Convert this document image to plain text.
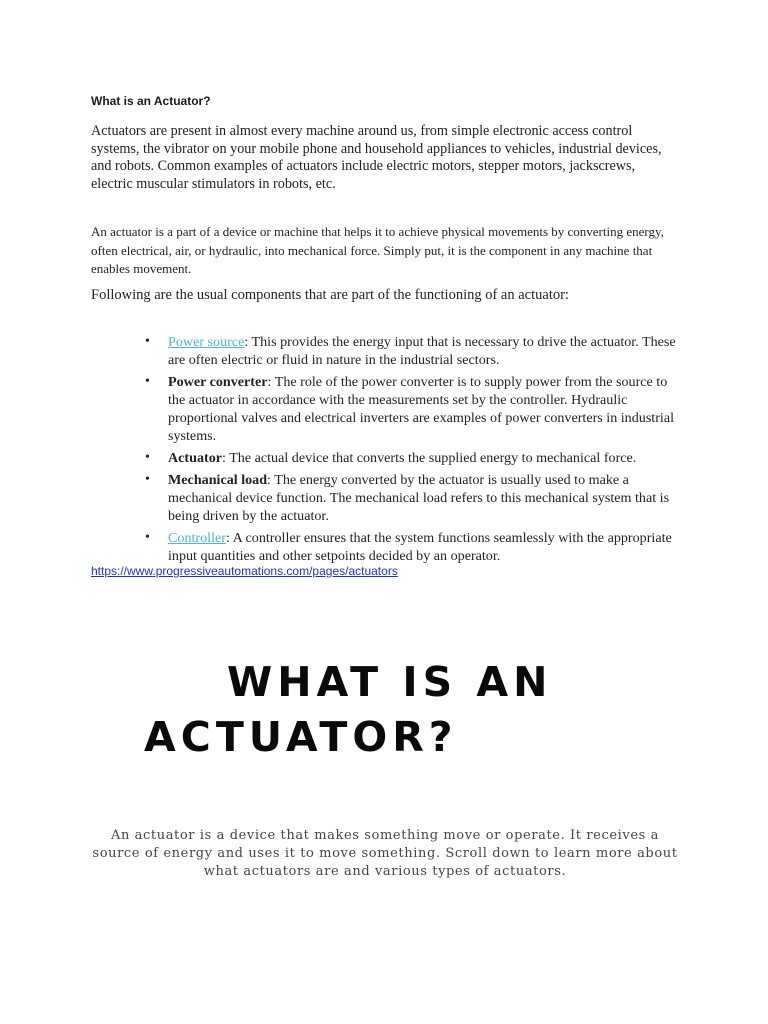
What is an Actuator?
Actuators are present in almost every machine around us, from simple electronic access control systems, the vibrator on your mobile phone and household appliances to vehicles, industrial devices, and robots. Common examples of actuators include electric motors, stepper motors, jackscrews, electric muscular stimulators in robots, etc.
An actuator is a part of a device or machine that helps it to achieve physical movements by converting energy, often electrical, air, or hydraulic, into mechanical force. Simply put, it is the component in any machine that enables movement.
Following are the usual components that are part of the functioning of an actuator:
• Power source: This provides the energy input that is necessary to drive the actuator. These are often electric or fluid in nature in the industrial sectors.
• Power converter: The role of the power converter is to supply power from the source to the actuator in accordance with the measurements set by the controller. Hydraulic proportional valves and electrical inverters are examples of power converters in industrial systems.
• Actuator: The actual device that converts the supplied energy to mechanical force.
• Mechanical load: The energy converted by the actuator is usually used to make a mechanical device function. The mechanical load refers to this mechanical system that is being driven by the actuator.
• Controller: A controller ensures that the system functions seamlessly with the appropriate input quantities and other setpoints decided by an operator.
https://www.progressiveautomations.com/pages/actuators
WHAT IS AN
ACTUATOR?
An actuator is a device that makes something move or operate. It receives a source of energy and uses it to move something. Scroll down to learn more about what actuators are and various types of actuators.
